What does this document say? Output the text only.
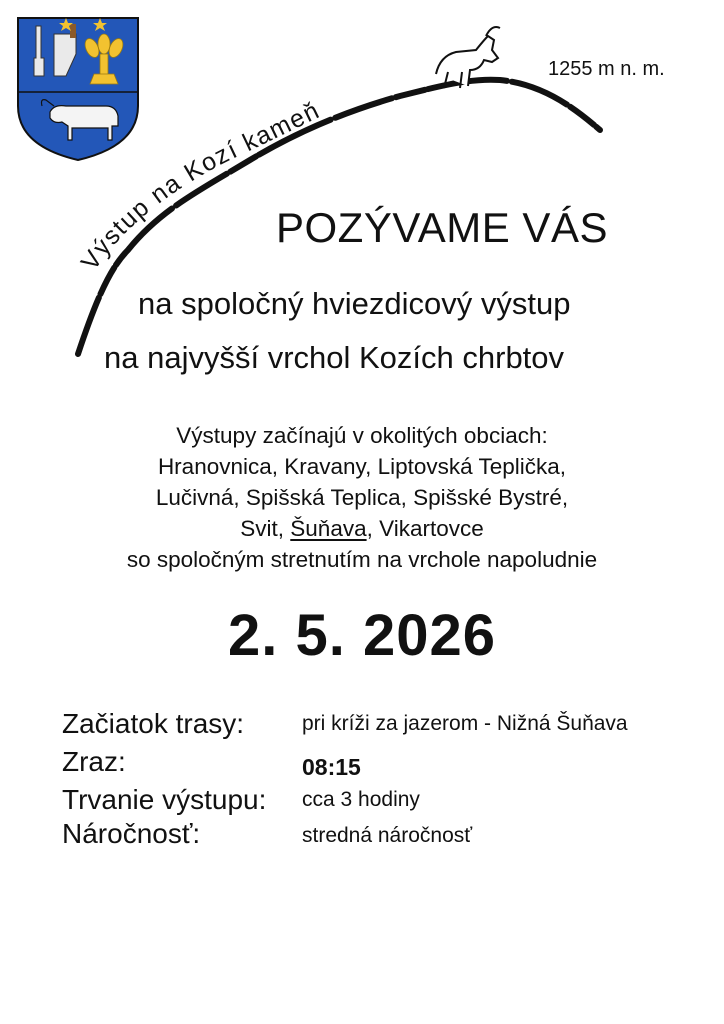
Výstup na Kozí kameň
1255 m n. m.
POZÝVAME VÁS
na spoločný hviezdicový výstup
na najvyšší vrchol Kozích chrbtov
Výstupy začínajú v okolitých obciach:
Hranovnica, Kravany, Liptovská Teplička,
Lučivná, Spišská Teplica, Spišské Bystré,
Svit, Šuňava, Vikartovce
so spoločným stretnutím na vrchole napoludnie
2. 5. 2026
Začiatok trasy:	pri kríži za jazerom - Nižná Šuňava
Zraz:	08:15
Trvanie výstupu: cca 3 hodiny
Náročnosť:	stredná náročnosť
